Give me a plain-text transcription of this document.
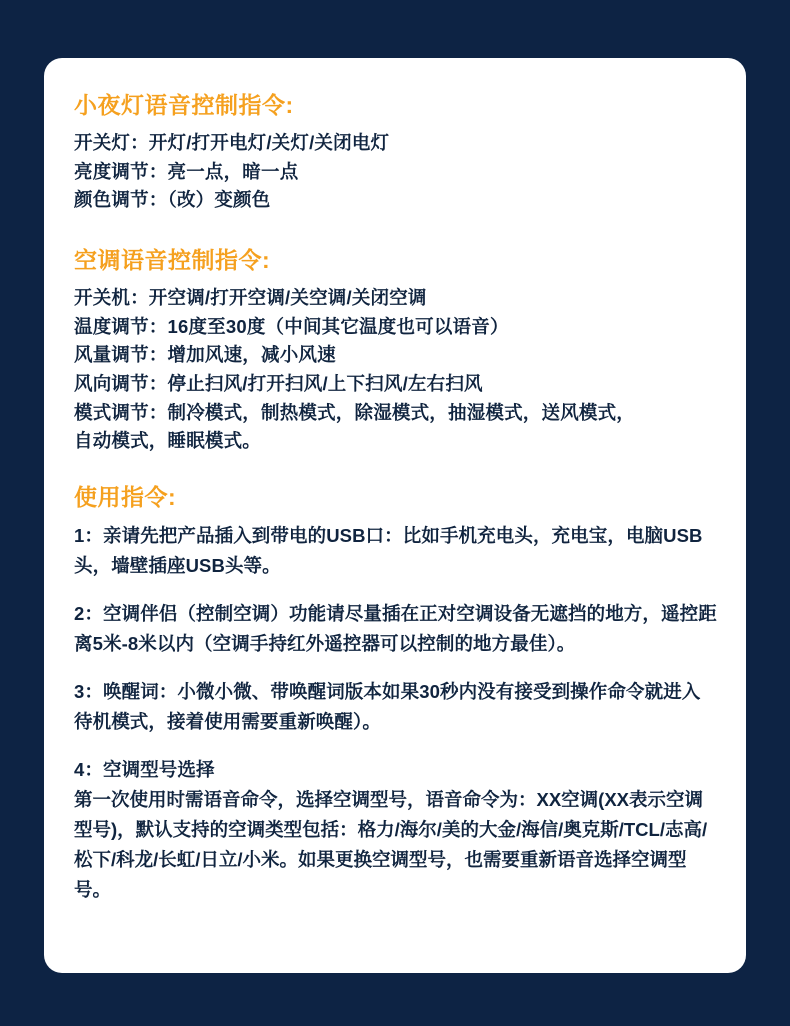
小夜灯语音控制指令:

开关灯：开灯/打开电灯/关灯/关闭电灯

亮度调节：亮一点，暗一点

颜色调节：（改）变颜色

空调语音控制指令:

开关机：开空调/打开空调/关空调/关闭空调

温度调节：16度至30度（中间其它温度也可以语音）

风量调节：增加风速，减小风速

风向调节：停止扫风/打开扫风/上下扫风/左右扫风

模式调节：制冷模式，制热模式，除湿模式，抽湿模式，送风模式，

自动模式，睡眠模式。

使用指令:

1：亲请先把产品插入到带电的USB口：比如手机充电头，充电宝，电脑USB头，墙壁插座USB头等。

2：空调伴侣（控制空调）功能请尽量插在正对空调设备无遮挡的地方，遥控距离5米-8米以内（空调手持红外遥控器可以控制的地方最佳）。

3：唤醒词：小微小微、带唤醒词版本如果30秒内没有接受到操作命令就进入待机模式，接着使用需要重新唤醒）。

4：空调型号选择

第一次使用时需语音命令，选择空调型号，语音命令为：XX空调(XX表示空调型号)，默认支持的空调类型包括：格力/海尔/美的大金/海信/奥克斯/TCL/志高/松下/科龙/长虹/日立/小米。如果更换空调型号，也需要重新语音选择空调型号。
